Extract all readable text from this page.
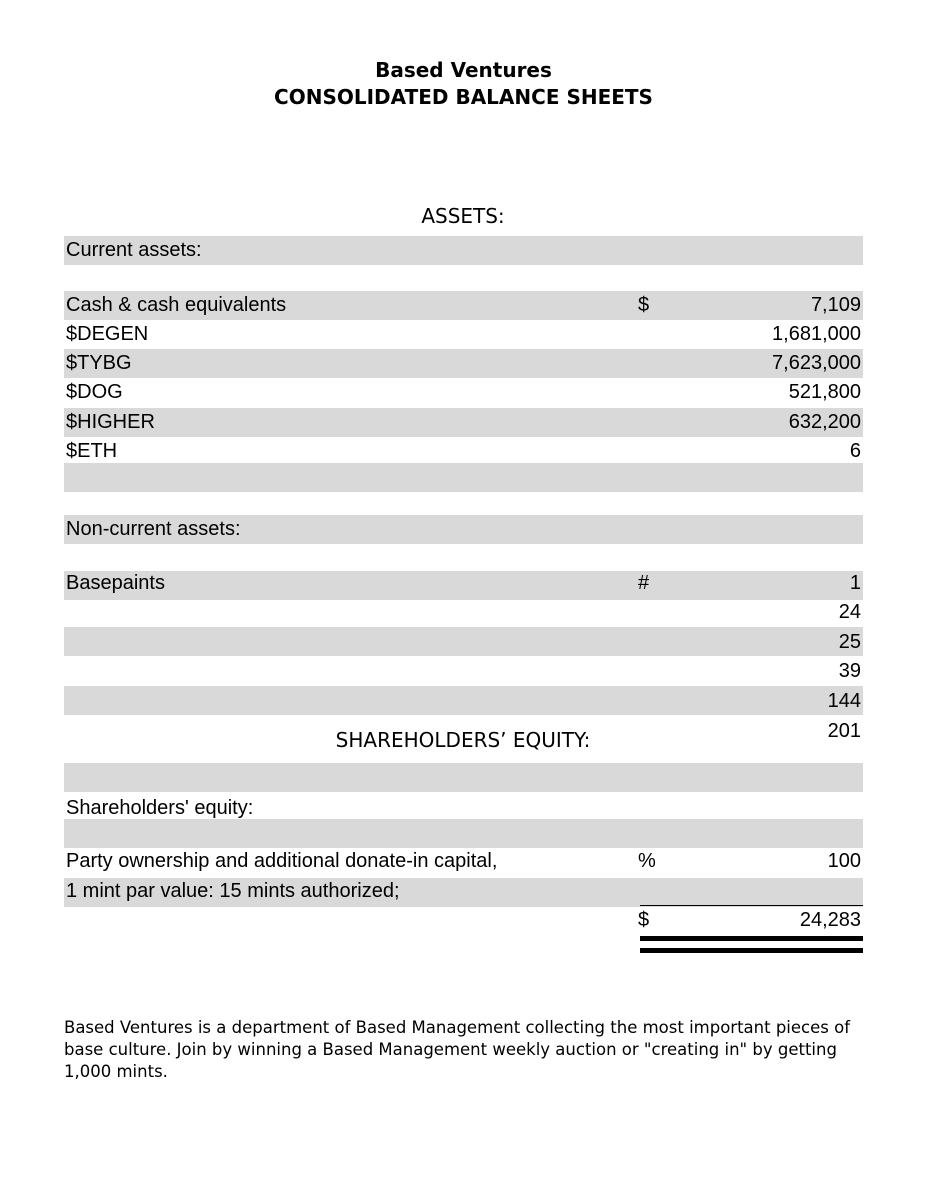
Based Ventures
CONSOLIDATED BALANCE SHEETS
ASSETS:
Current assets:
Cash & cash equivalents	$	7,109
$DEGEN	1,681,000
$TYBG	7,623,000
$DOG	521,800
$HIGHER	632,200
$ETH	6
Non-current assets:
Basepaints	#	1
24
25
39
144
201
SHAREHOLDERS’ EQUITY:
Shareholders' equity:
Party ownership and additional donate-in capital,	%	100
1 mint par value: 15 mints authorized;
$	24,283
Based Ventures is a department of Based Management collecting the most important pieces of base culture. Join by winning a Based Management weekly auction or "creating in" by getting 1,000 mints.
